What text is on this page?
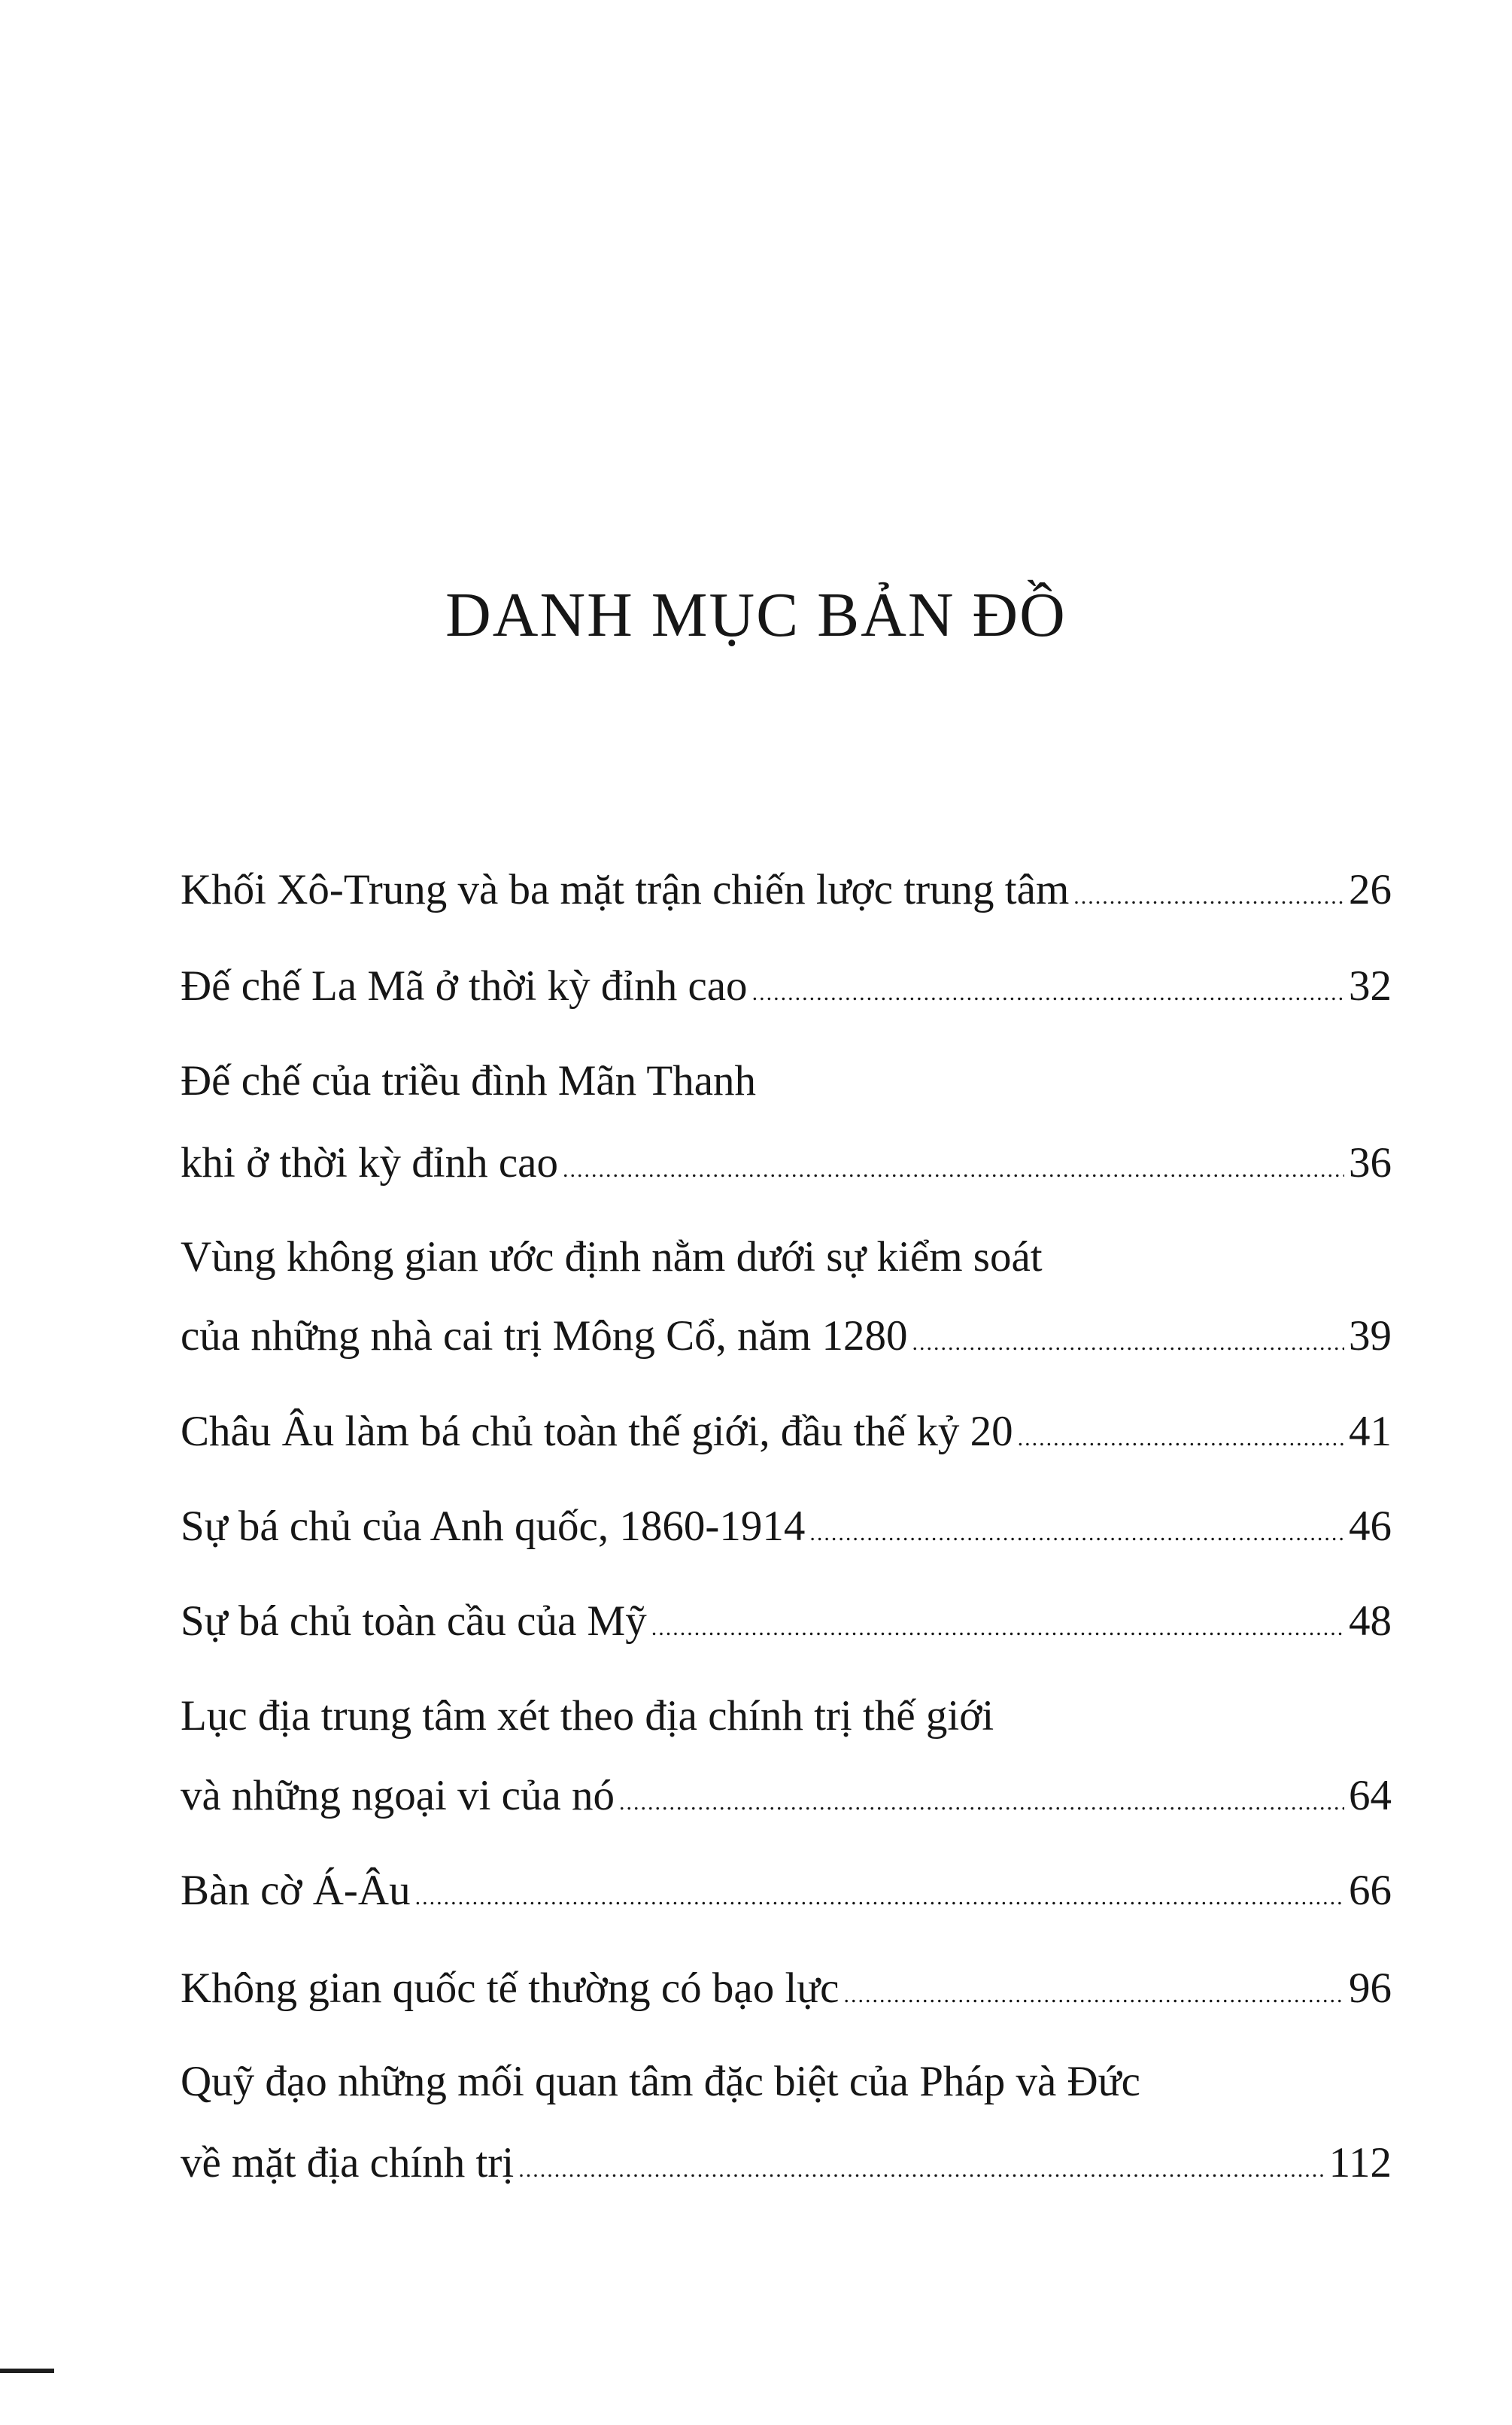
DANH MỤC BẢN ĐỒ
Khối Xô-Trung và ba mặt trận chiến lược trung tâm .....	26
Đế chế La Mã ở thời kỳ đỉnh cao .....	32
Đế chế của triều đình Mãn Thanh
khi ở thời kỳ đỉnh cao .....	36
Vùng không gian ước định nằm dưới sự kiểm soát
của những nhà cai trị Mông Cổ, năm 1280 .....	39
Châu Âu làm bá chủ toàn thế giới, đầu thế kỷ 20 .....	41
Sự bá chủ của Anh quốc, 1860-1914 .....	46
Sự bá chủ toàn cầu của Mỹ .....	48
Lục địa trung tâm xét theo địa chính trị thế giới
và những ngoại vi của nó .....	64
Bàn cờ Á-Âu .....	66
Không gian quốc tế thường có bạo lực .....	96
Quỹ đạo những mối quan tâm đặc biệt của Pháp và Đức
về mặt địa chính trị .....	112
